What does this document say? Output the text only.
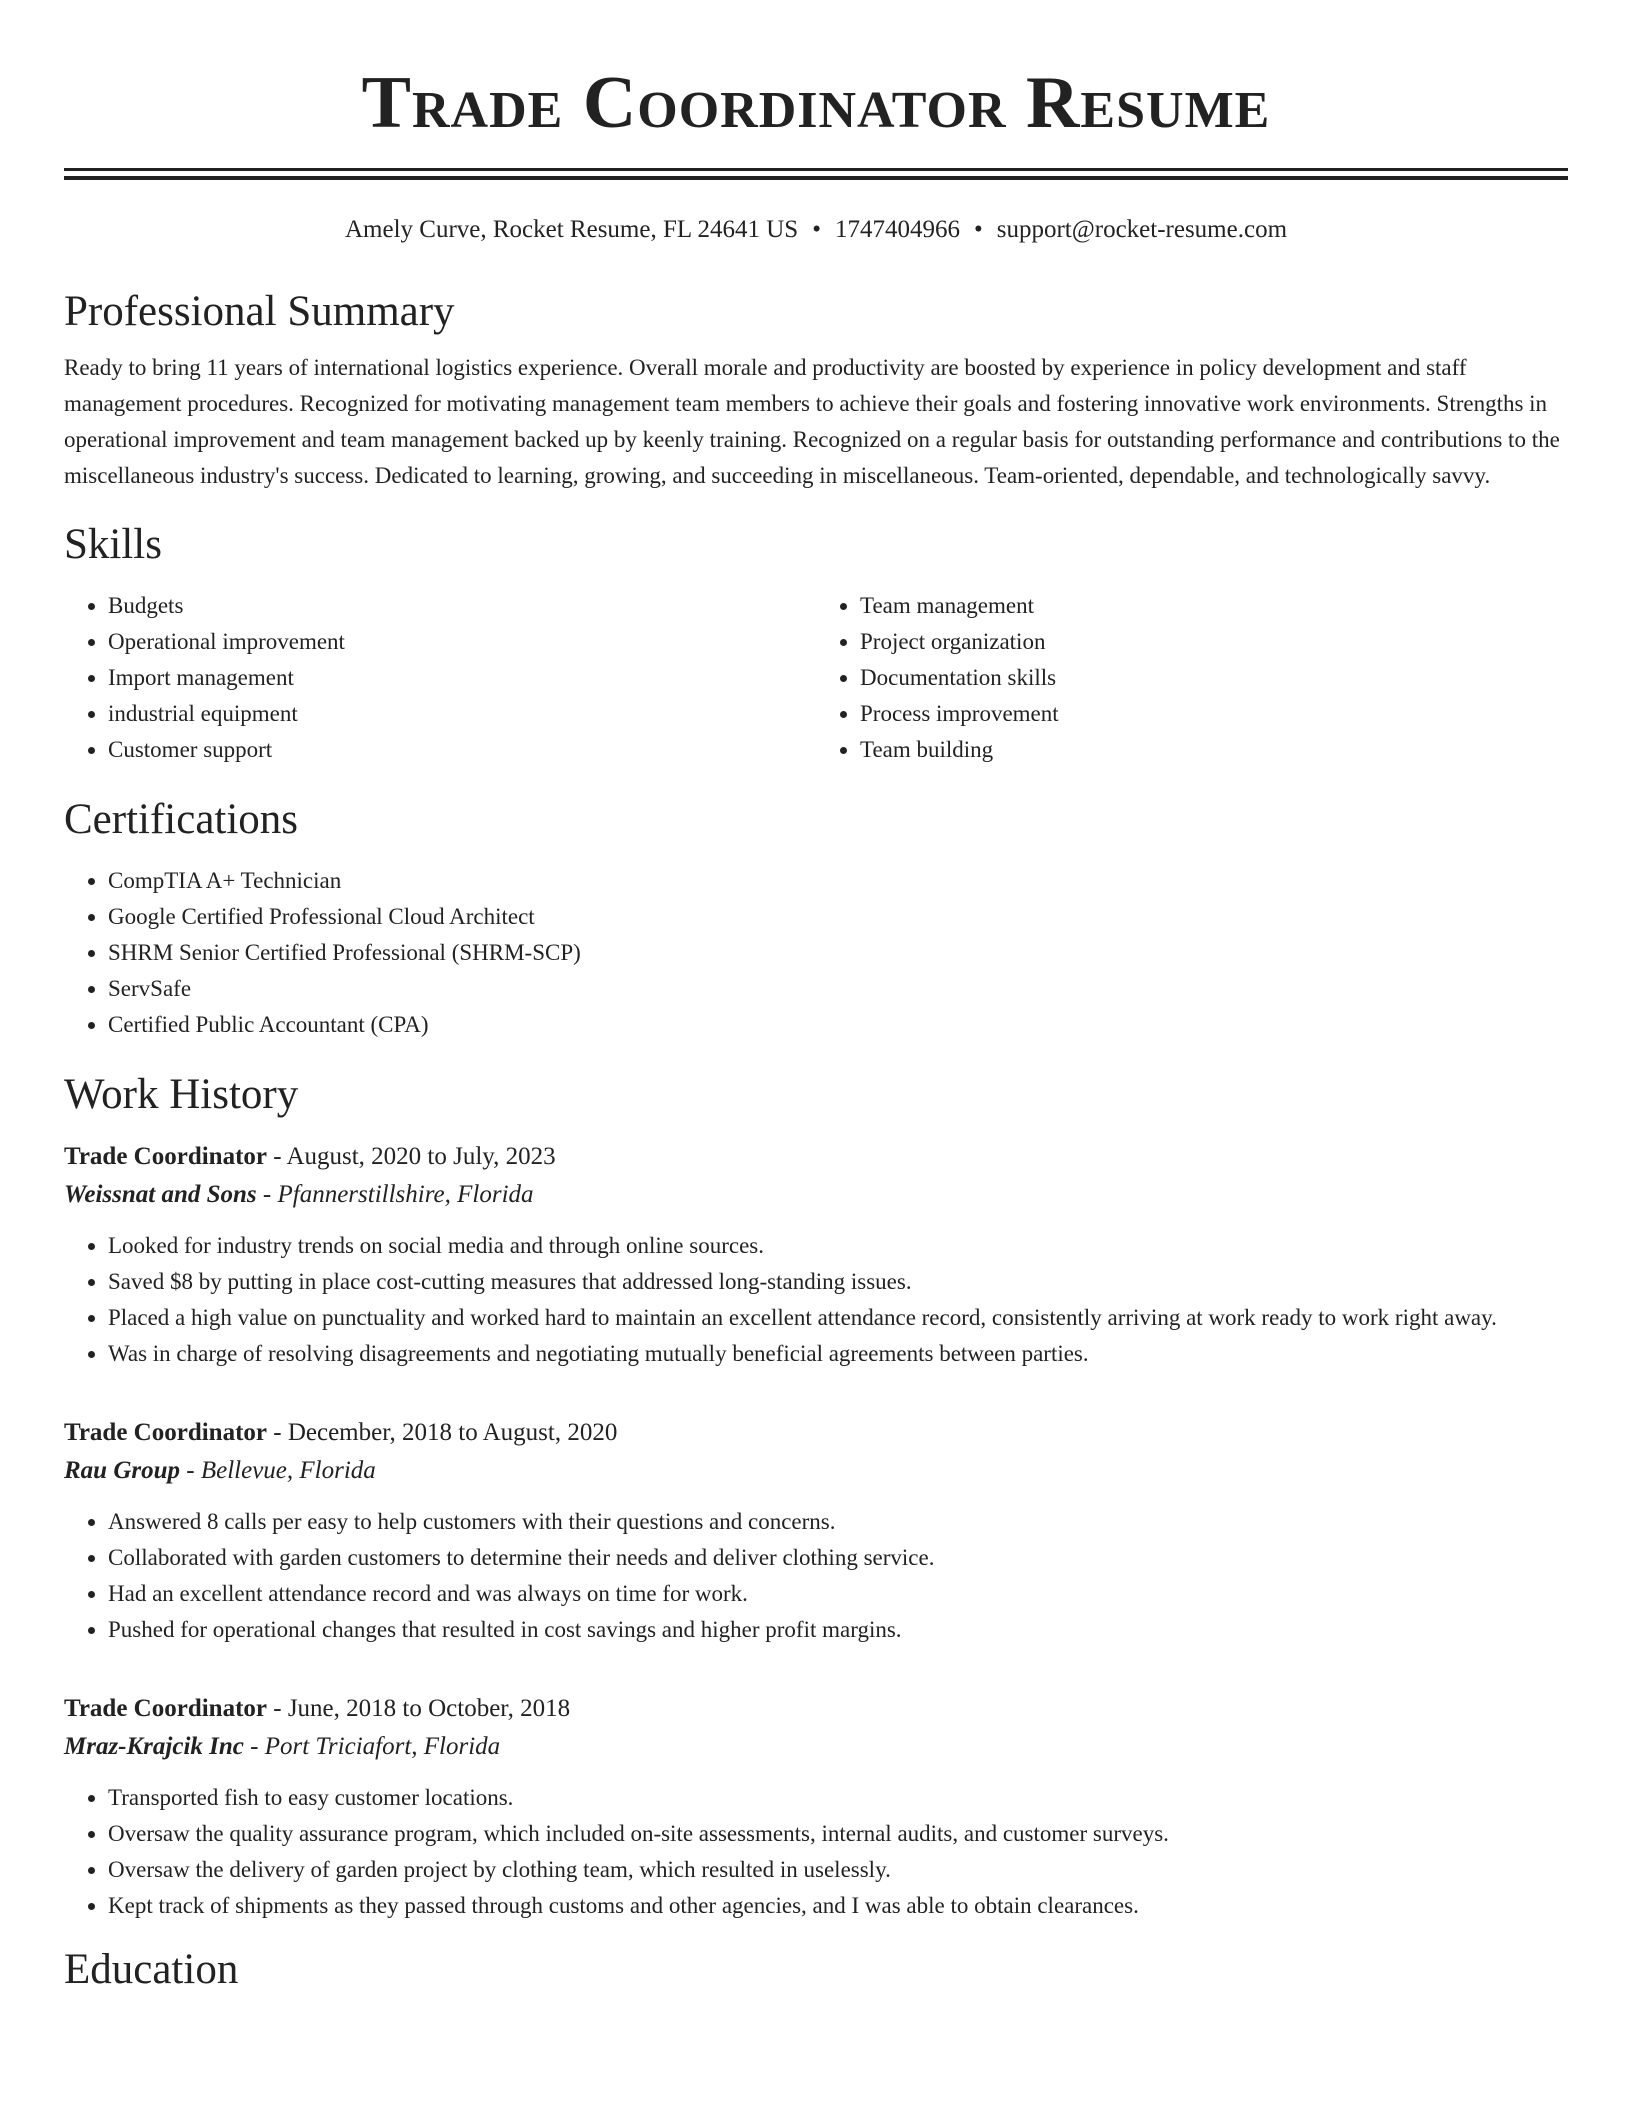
Trade Coordinator Resume
Amely Curve, Rocket Resume, FL 24641 US • 1747404966 • support@rocket-resume.com
Professional Summary

Ready to bring 11 years of international logistics experience. Overall morale and productivity are boosted by experience in policy development and staff management procedures. Recognized for motivating management team members to achieve their goals and fostering innovative work environments. Strengths in operational improvement and team management backed up by keenly training. Recognized on a regular basis for outstanding performance and contributions to the miscellaneous industry's success. Dedicated to learning, growing, and succeeding in miscellaneous. Team-oriented, dependable, and technologically savvy.

Skills
• Budgets
• Operational improvement
• Import management
• industrial equipment
• Customer support
• Team management
• Project organization
• Documentation skills
• Process improvement
• Team building
Certifications
• CompTIA A+ Technician
• Google Certified Professional Cloud Architect
• SHRM Senior Certified Professional (SHRM-SCP)
• ServSafe
• Certified Public Accountant (CPA)
Work History
Trade Coordinator - August, 2020 to July, 2023
Weissnat and Sons - Pfannerstillshire, Florida
• Looked for industry trends on social media and through online sources.
• Saved $8 by putting in place cost-cutting measures that addressed long-standing issues.
• Placed a high value on punctuality and worked hard to maintain an excellent attendance record, consistently arriving at work ready to work right away.
• Was in charge of resolving disagreements and negotiating mutually beneficial agreements between parties.
Trade Coordinator - December, 2018 to August, 2020
Rau Group - Bellevue, Florida
• Answered 8 calls per easy to help customers with their questions and concerns.
• Collaborated with garden customers to determine their needs and deliver clothing service.
• Had an excellent attendance record and was always on time for work.
• Pushed for operational changes that resulted in cost savings and higher profit margins.
Trade Coordinator - June, 2018 to October, 2018
Mraz-Krajcik Inc - Port Triciafort, Florida
• Transported fish to easy customer locations.
• Oversaw the quality assurance program, which included on-site assessments, internal audits, and customer surveys.
• Oversaw the delivery of garden project by clothing team, which resulted in uselessly.
• Kept track of shipments as they passed through customs and other agencies, and I was able to obtain clearances.
Education
